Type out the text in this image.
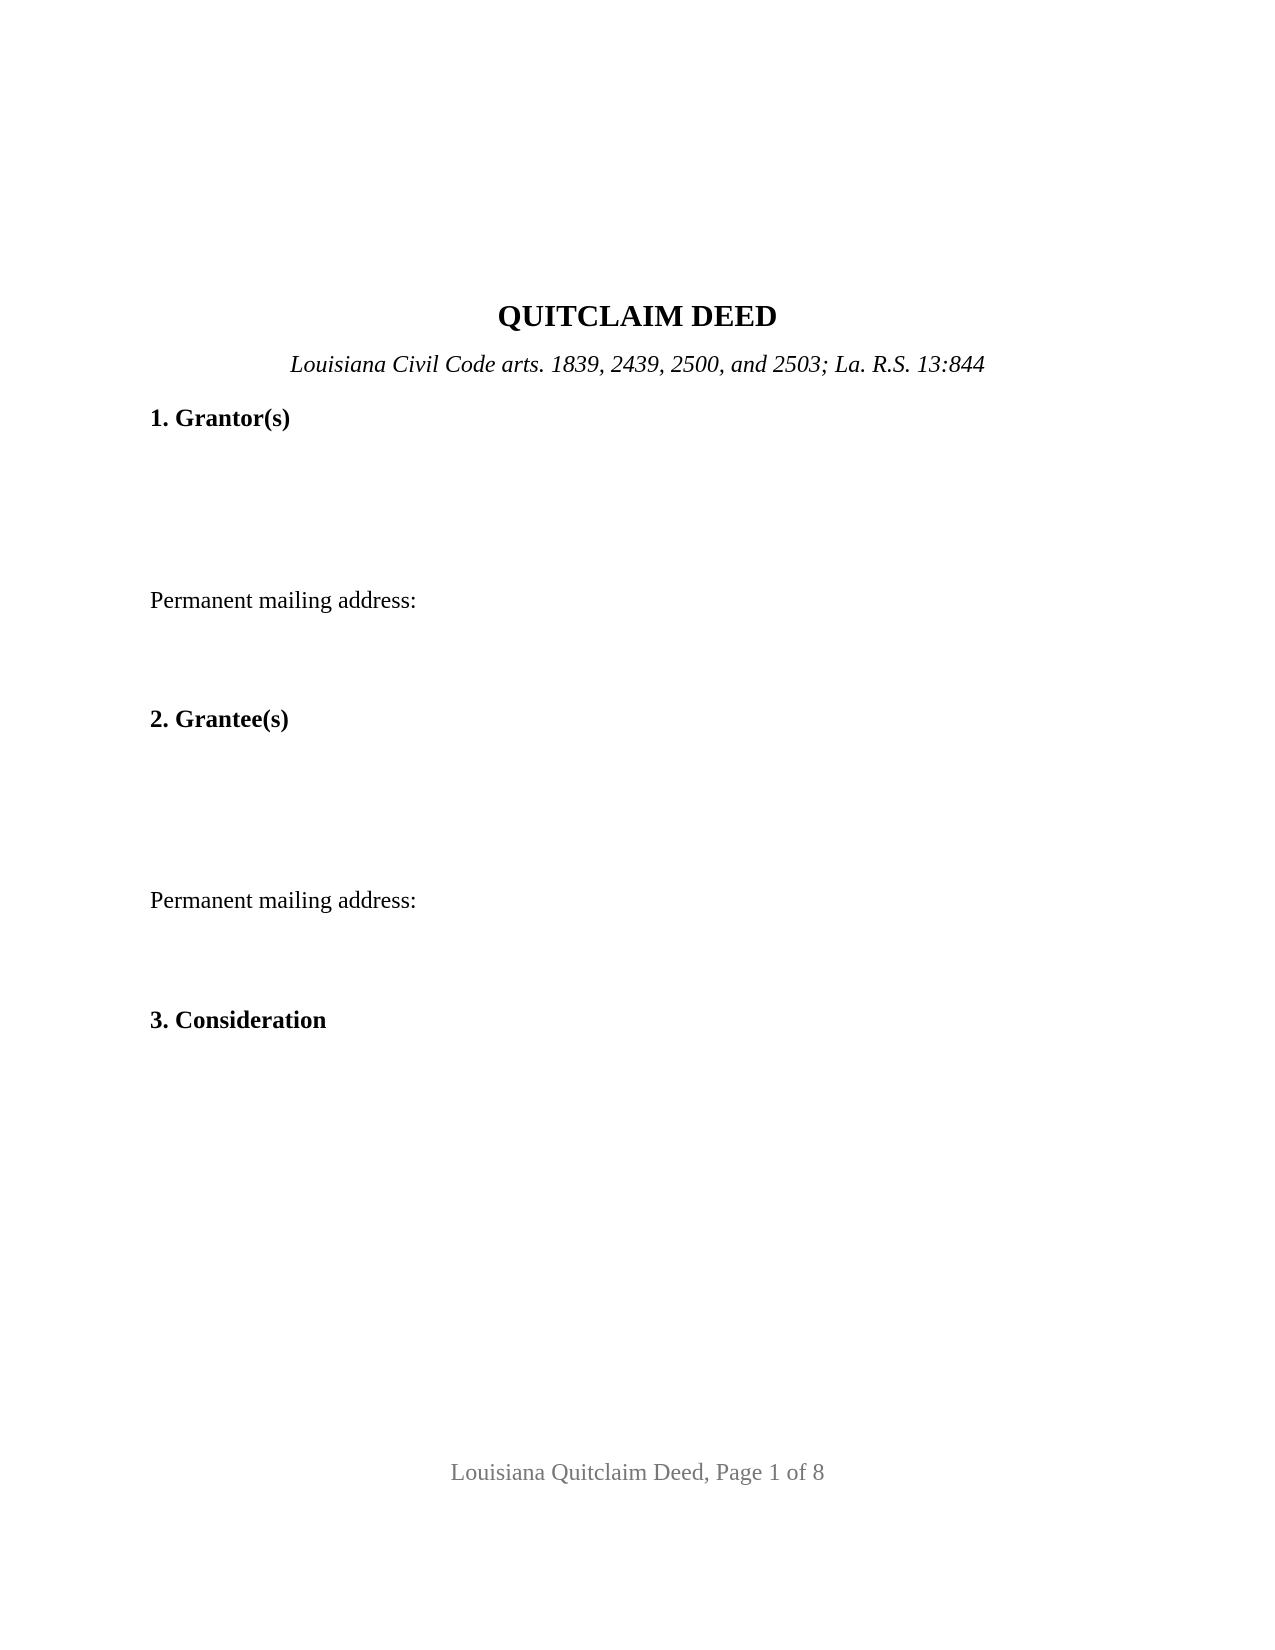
QUITCLAIM DEED
Louisiana Civil Code arts. 1839, 2439, 2500, and 2503; La. R.S. 13:844
1. Grantor(s)
Permanent mailing address:
2. Grantee(s)
Permanent mailing address:
3. Consideration
Louisiana Quitclaim Deed, Page 1 of 8
